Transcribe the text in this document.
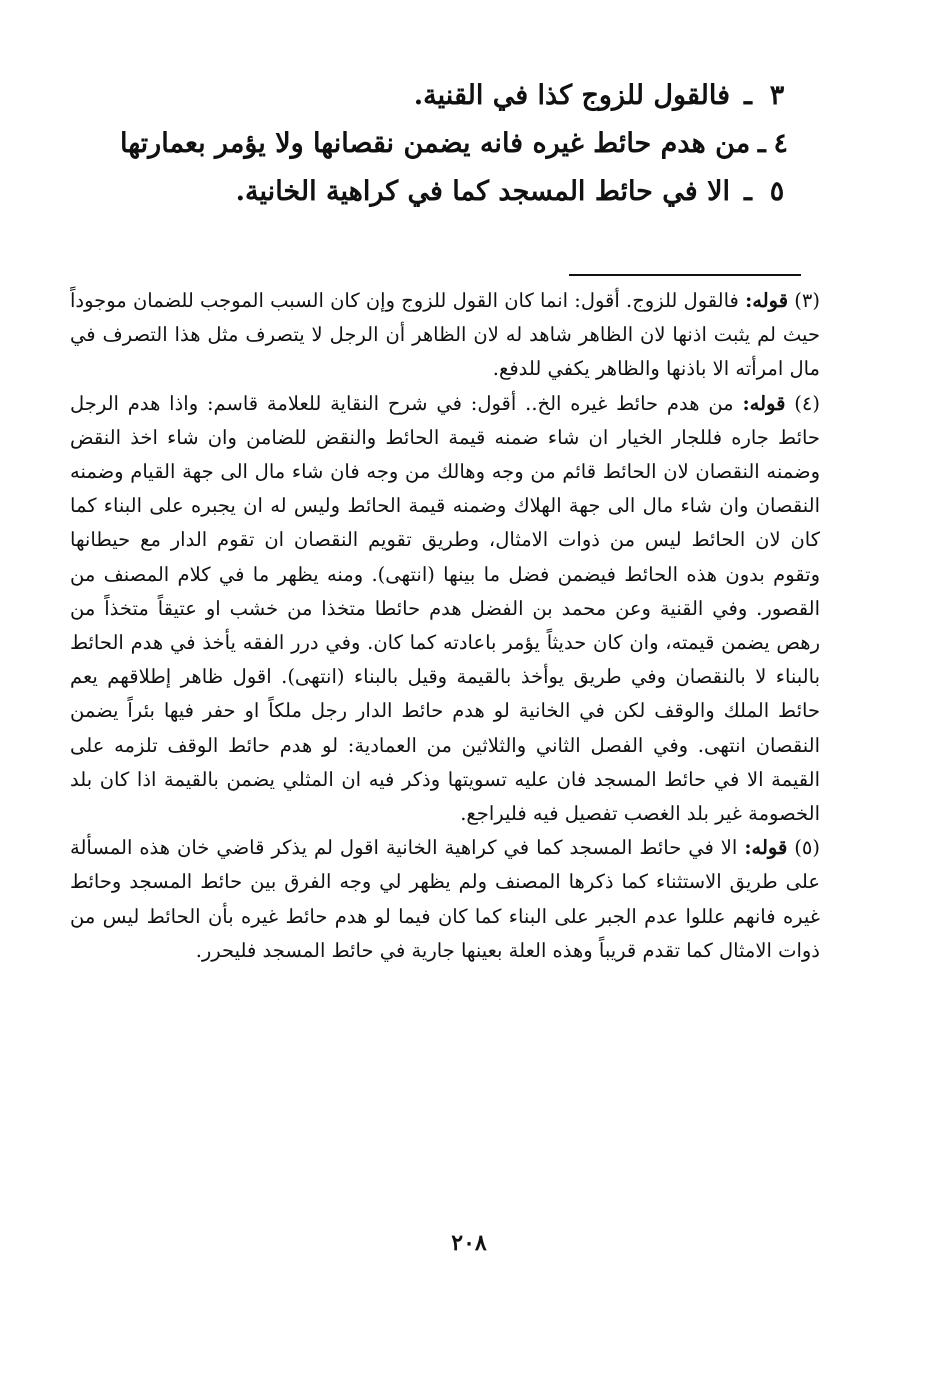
٣
ـ
فالقول للزوج كذا في القنية.
٤
ـ
من هدم حائط غيره فانه يضمن نقصانها ولا يؤمر بعمارتها
٥
ـ
الا في حائط المسجد كما في كراهية الخانية.

(٣) قوله: فالقول للزوج. أقول: انما كان القول للزوج وإن كان السبب الموجب للضمان موجوداً حيث لم يثبت اذنها لان الظاهر شاهد له لان الظاهر أن الرجل لا يتصرف مثل هذا التصرف في مال امرأته الا باذنها والظاهر يكفي للدفع.

(٤) قوله: من هدم حائط غيره الخ.. أقول: في شرح النقاية للعلامة قاسم: واذا هدم الرجل حائط جاره فللجار الخيار ان شاء ضمنه قيمة الحائط والنقض للضامن وان شاء اخذ النقض وضمنه النقصان لان الحائط قائم من وجه وهالك من وجه فان شاء مال الى جهة القيام وضمنه النقصان وان شاء مال الى جهة الهلاك وضمنه قيمة الحائط وليس له ان يجبره على البناء كما كان لان الحائط ليس من ذوات الامثال، وطريق تقويم النقصان ان تقوم الدار مع حيطانها وتقوم بدون هذه الحائط فيضمن فضل ما بينها (انتهى). ومنه يظهر ما في كلام المصنف من القصور. وفي القنية وعن محمد بن الفضل هدم حائطا متخذا من خشب او عتيقاً متخذاً من رهص يضمن قيمته، وان كان حديثاً يؤمر باعادته كما كان. وفي درر الفقه يأخذ في هدم الحائط بالبناء لا بالنقصان وفي طريق يوأخذ بالقيمة وقيل بالبناء (انتهى). اقول ظاهر إطلاقهم يعم حائط الملك والوقف لكن في الخانية لو هدم حائط الدار رجل ملكاً او حفر فيها بئراً يضمن النقصان انتهى. وفي الفصل الثاني والثلاثين من العمادية: لو هدم حائط الوقف تلزمه على القيمة الا في حائط المسجد فان عليه تسويتها وذكر فيه ان المثلي يضمن بالقيمة اذا كان بلد الخصومة غير بلد الغصب تفصيل فيه فليراجع.

(٥) قوله: الا في حائط المسجد كما في كراهية الخانية اقول لم يذكر قاضي خان هذه المسألة على طريق الاستثناء كما ذكرها المصنف ولم يظهر لي وجه الفرق بين حائط المسجد وحائط غيره فانهم عللوا عدم الجبر على البناء كما كان فيما لو هدم حائط غيره بأن الحائط ليس من ذوات الامثال كما تقدم قريباً وهذه العلة بعينها جارية في حائط المسجد فليحرر.

٢٠٨
